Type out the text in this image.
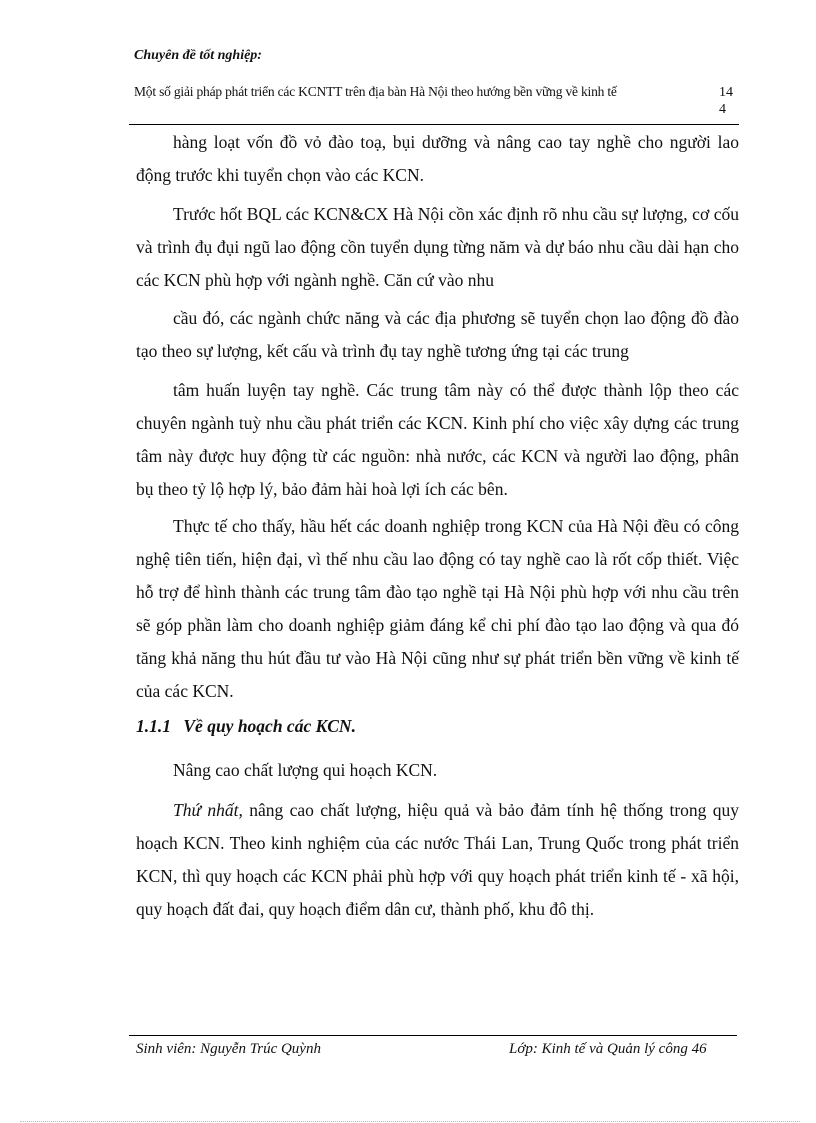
Chuyên đề tốt nghiệp:
Một số giải pháp phát triển các KCNTT trên địa bàn Hà Nội theo hướng bền vững về kinh tế	144

hàng loạt vốn đồ vỏ đào toạ, bụi dưỡng và nâng cao tay nghề cho người lao động trước khi tuyển chọn vào các KCN.

Trước hốt BQL các KCN&CX Hà Nội cồn xác định rõ nhu cầu sự lượng, cơ cốu và trình đụ đụi ngũ lao động cồn tuyển dụng từng năm và dự báo nhu cầu dài hạn cho các KCN phù hợp với ngành nghề. Căn cứ vào nhu

cầu đó, các ngành chức năng và các địa phương sẽ tuyển chọn lao động đồ đào tạo theo sự lượng, kết cấu và trình đụ tay nghề tương ứng tại các trung

tâm huấn luyện tay nghề. Các trung tâm này có thể được thành lộp theo các chuyên ngành tuỳ nhu cầu phát triển các KCN. Kinh phí cho việc xây dựng các trung tâm này được huy động từ các nguồn: nhà nước, các KCN và người lao động, phân bụ theo tỷ lộ hợp lý, bảo đảm hài hoà lợi ích các bên.

Thực tế cho thấy, hầu hết các doanh nghiệp trong KCN của Hà Nội đều có công nghệ tiên tiến, hiện đại, vì thế nhu cầu lao động có tay nghề cao là rốt cốp thiết. Việc hỗ trợ để hình thành các trung tâm đào tạo nghề tại Hà Nội phù hợp với nhu cầu trên sẽ góp phần làm cho doanh nghiệp giảm đáng kể chi phí đào tạo lao động và qua đó tăng khả năng thu hút đầu tư vào Hà Nội cũng như sự phát triển bền vững về kinh tế của các KCN.

1.1.1 Về quy hoạch các KCN.

Nâng cao chất lượng qui hoạch KCN.

Thứ nhất, nâng cao chất lượng, hiệu quả và bảo đảm tính hệ thống trong quy hoạch KCN. Theo kinh nghiệm của các nước Thái Lan, Trung Quốc trong phát triển KCN, thì quy hoạch các KCN phải phù hợp với quy hoạch phát triển kinh tế - xã hội, quy hoạch đất đai, quy hoạch điểm dân cư, thành phố, khu đô thị.

Sinh viên: Nguyễn Trúc Quỳnh	Lớp: Kinh tế và Quản lý công 46
